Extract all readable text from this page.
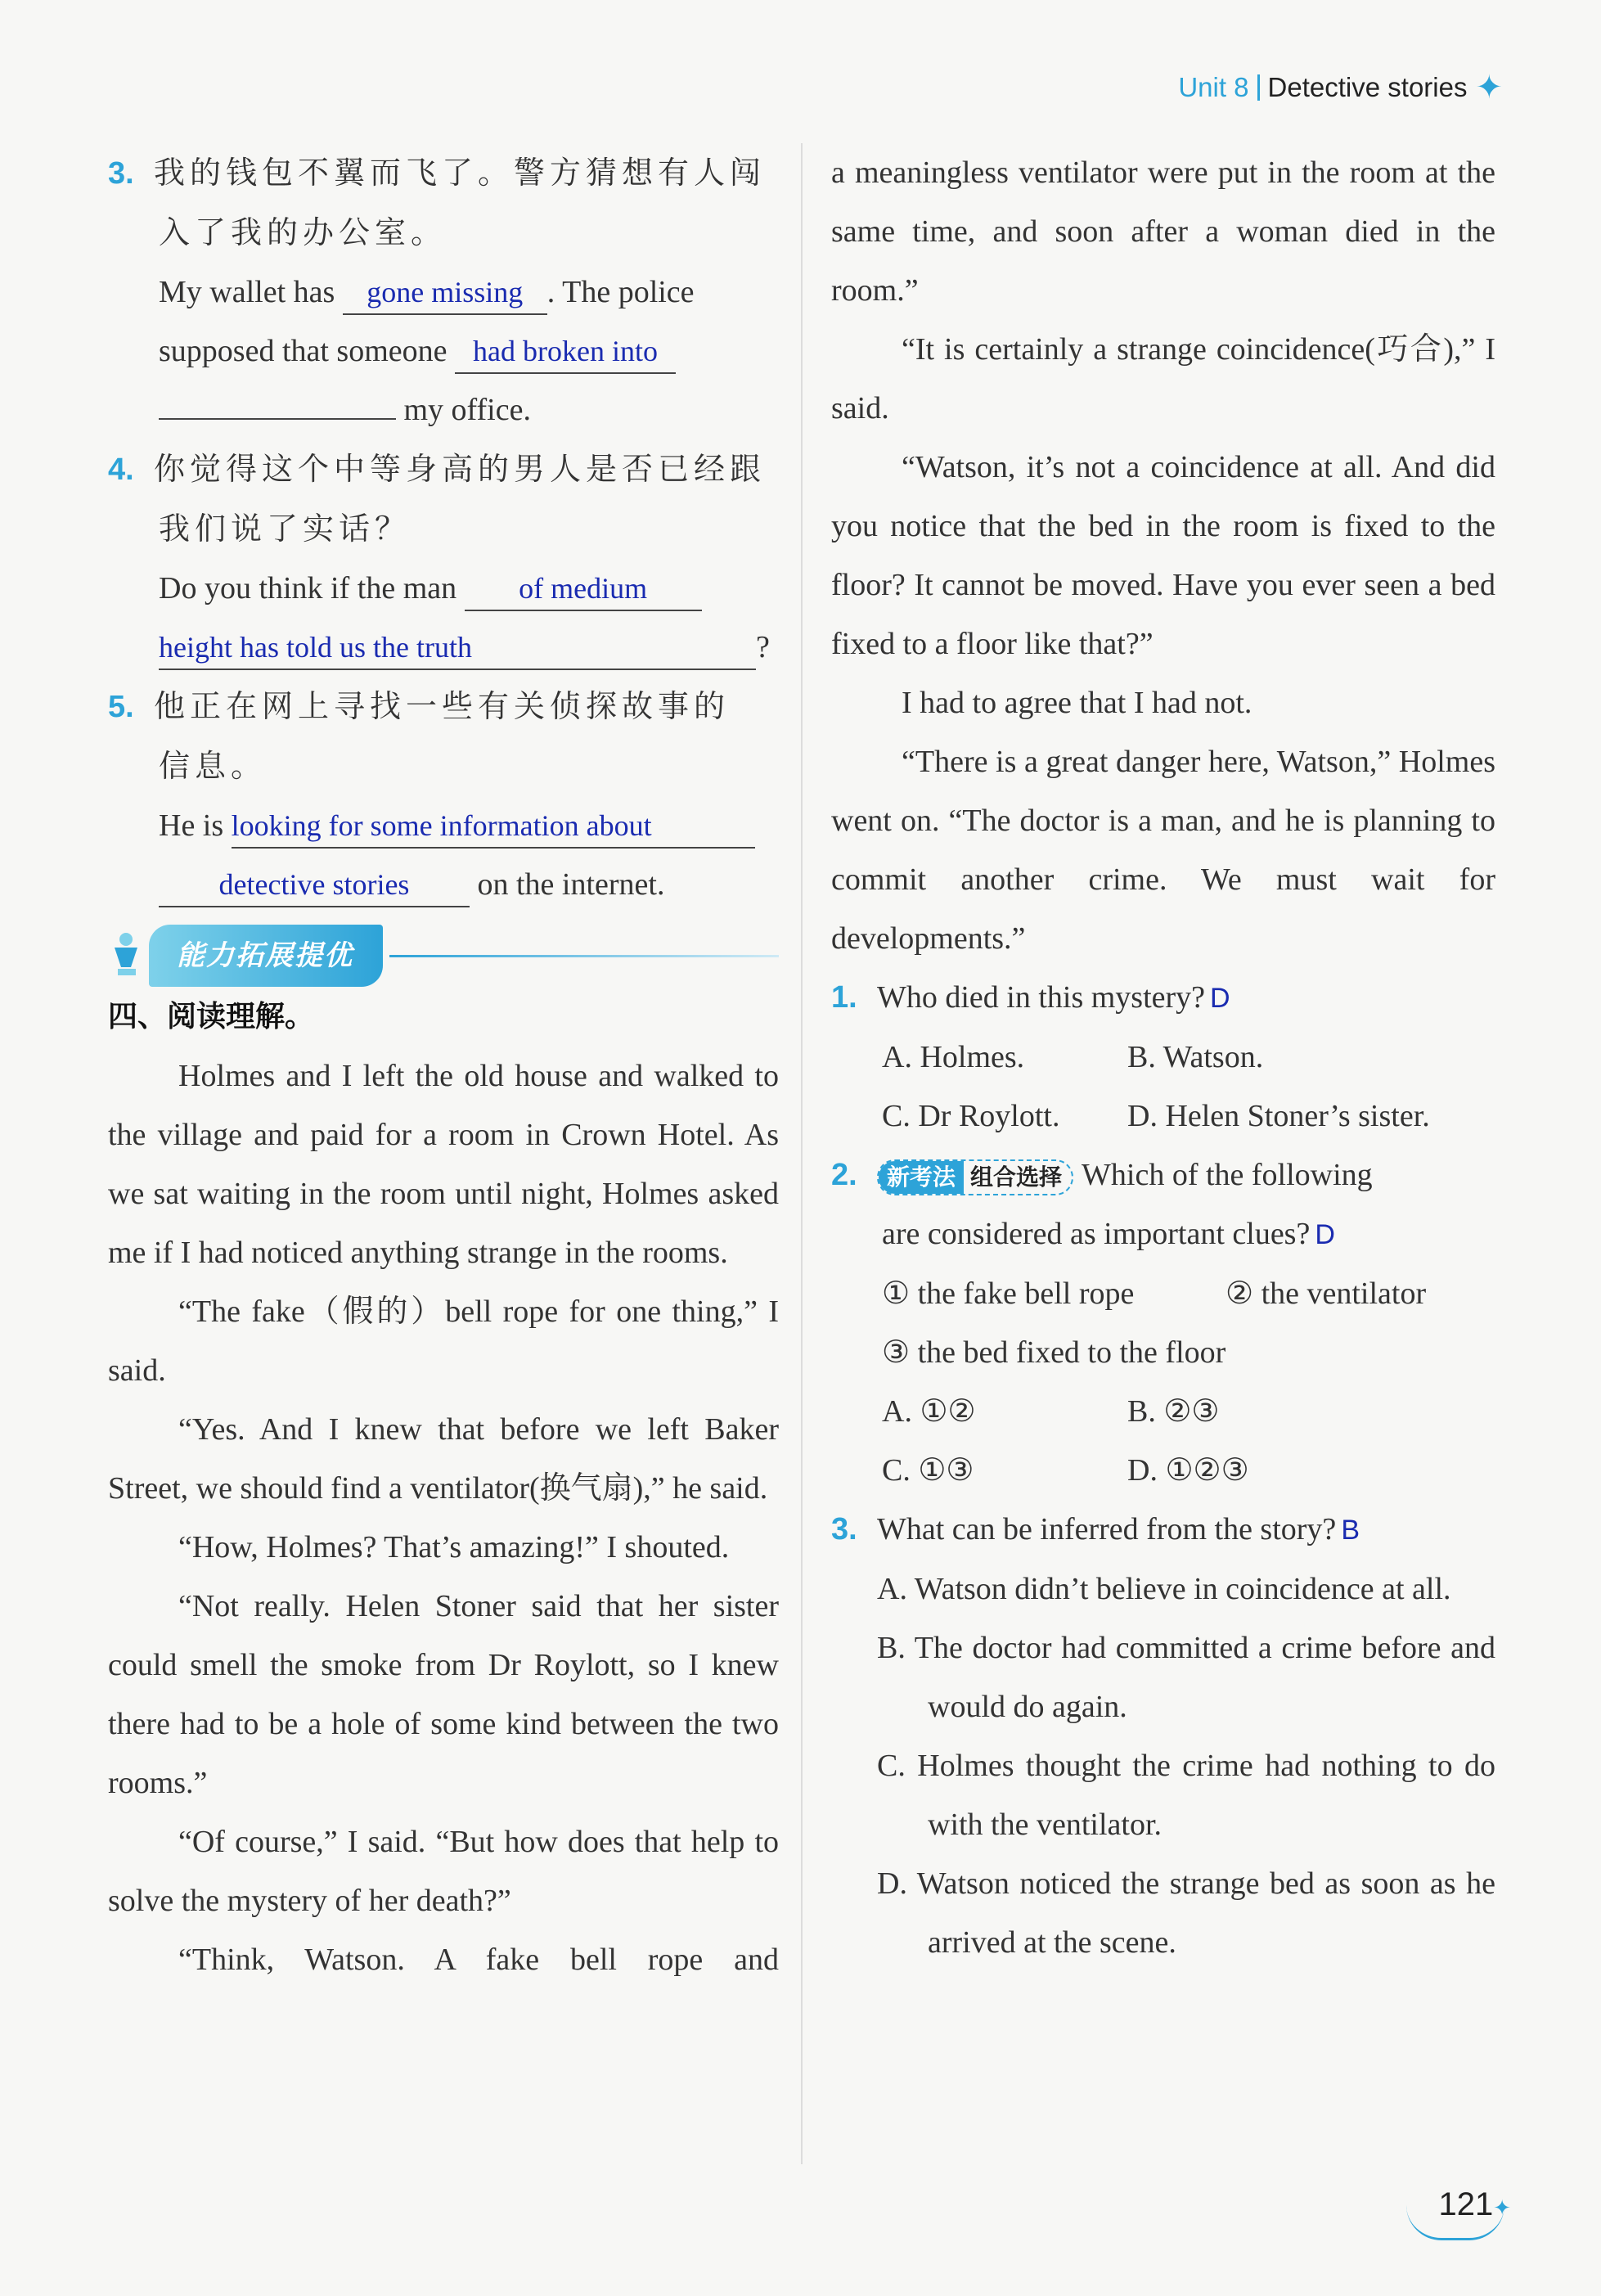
Unit 8 Detective stories ✦
3. 我的钱包不翼而飞了。警方猜想有人闯
入了我的办公室。
My wallet has gone missing . The police
supposed that someone had broken into
my office.
4. 你觉得这个中等身高的男人是否已经跟
我们说了实话？
Do you think if the man of medium
height has told us the truth	?
5. 他正在网上寻找一些有关侦探故事的
信息。
He is looking for some information about
detective stories on the internet.
能力拓展提优
四、阅读理解。
Holmes and I left the old house and walked to the village and paid for a room in Crown Hotel. As we sat waiting in the room until night, Holmes asked me if I had noticed anything strange in the rooms.
“The fake（假的）bell rope for one thing,” I said.
“Yes. And I knew that before we left Baker Street, we should find a ventilator(换气扇),” he said.
“How, Holmes? That’s amazing!” I shouted.
“Not really. Helen Stoner said that her sister could smell the smoke from Dr Roylott, so I knew there had to be a hole of some kind between the two rooms.”
“Of course,” I said. “But how does that help to solve the mystery of her death?”
“Think, Watson. A fake bell rope and
a meaningless ventilator were put in the room at the same time, and soon after a woman died in the room.”
“It is certainly a strange coincidence(巧合),” I said.
“Watson, it’s not a coincidence at all. And did you notice that the bed in the room is fixed to the floor? It cannot be moved. Have you ever seen a bed fixed to a floor like that?”
I had to agree that I had not.
“There is a great danger here, Watson,” Holmes went on. “The doctor is a man, and he is planning to commit another crime. We must wait for developments.”
1. Who died in this mystery? D
A. Holmes.	B. Watson.
C. Dr Roylott.	D. Helen Stoner’s sister.
2.	新考法 组合选择 Which of the following
are considered as important clues? D
① the fake bell rope	② the ventilator
③ the bed fixed to the floor
A. ①②	B. ②③
C. ①③	D. ①②③
3. What can be inferred from the story? B
A. Watson didn’t believe in coincidence at all.
B. The doctor had committed a crime before and would do again.
C. Holmes thought the crime had nothing to do with the ventilator.
D. Watson noticed the strange bed as soon as he arrived at the scene.
121✦
